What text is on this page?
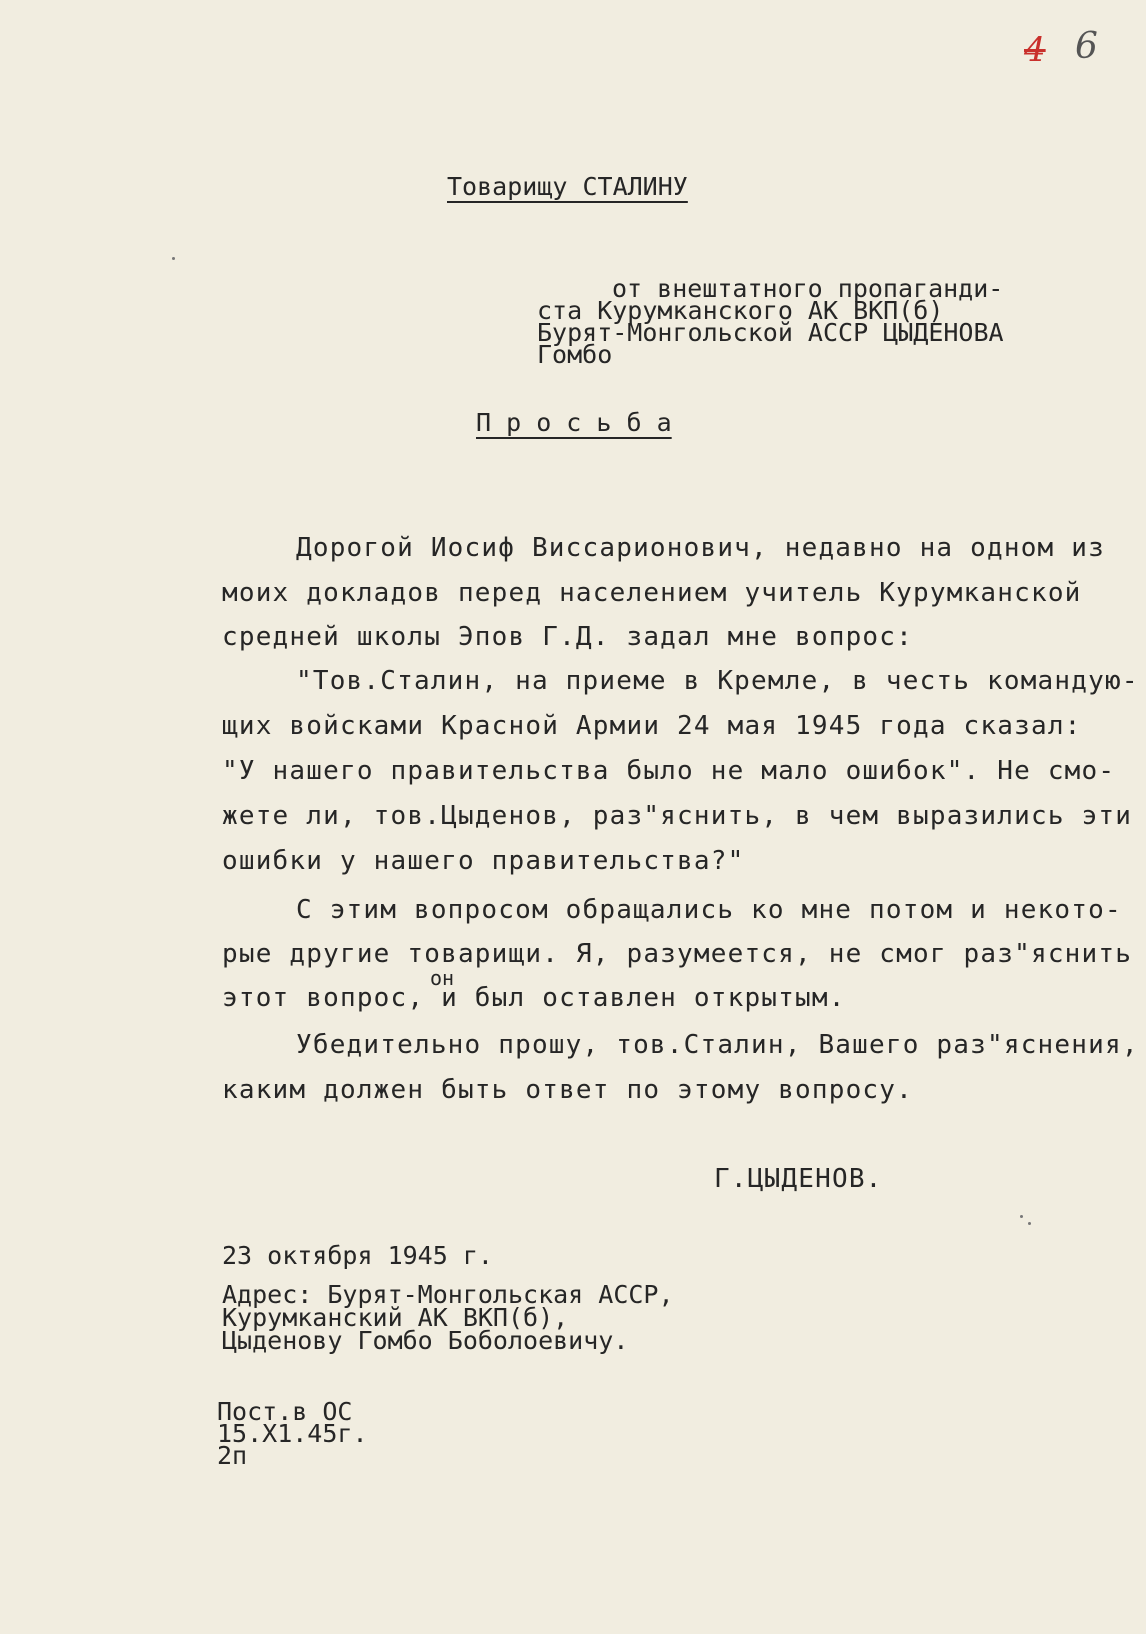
4 6
Товарищу СТАЛИНУ
от внештатного пропаганди-
ста Курумканского АК ВКП(б)
Бурят-Монгольской АССР ЦЫДЕНОВА
Гомбо
П р о с ь б а
Дорогой Иосиф Виссарионович, недавно на одном из
моих докладов перед населением учитель Курумканской
средней школы Эпов Г.Д. задал мне вопрос:
"Тов.Сталин, на приеме в Кремле, в честь командую-
щих войсками Красной Армии 24 мая 1945 года сказал:
"У нашего правительства было не мало ошибок". Не смо-
жете ли, тов.Цыденов, раз"яснить, в чем выразились эти
ошибки у нашего правительства?"
С этим вопросом обращались ко мне потом и некото-
рые другие товарищи. Я, разумеется, не смог раз"яснить
он
этот вопрос, и был оставлен открытым.
Убедительно прошу, тов.Сталин, Вашего раз"яснения,
каким должен быть ответ по этому вопросу.
Г.ЦЫДЕНОВ.
23 октября 1945 г.
Адрес: Бурят-Монгольская АССР,
Курумканский АК ВКП(б),
Цыденову Гомбо Боболоевичу.
Пост.в ОС
15.Х1.45г.
2п
